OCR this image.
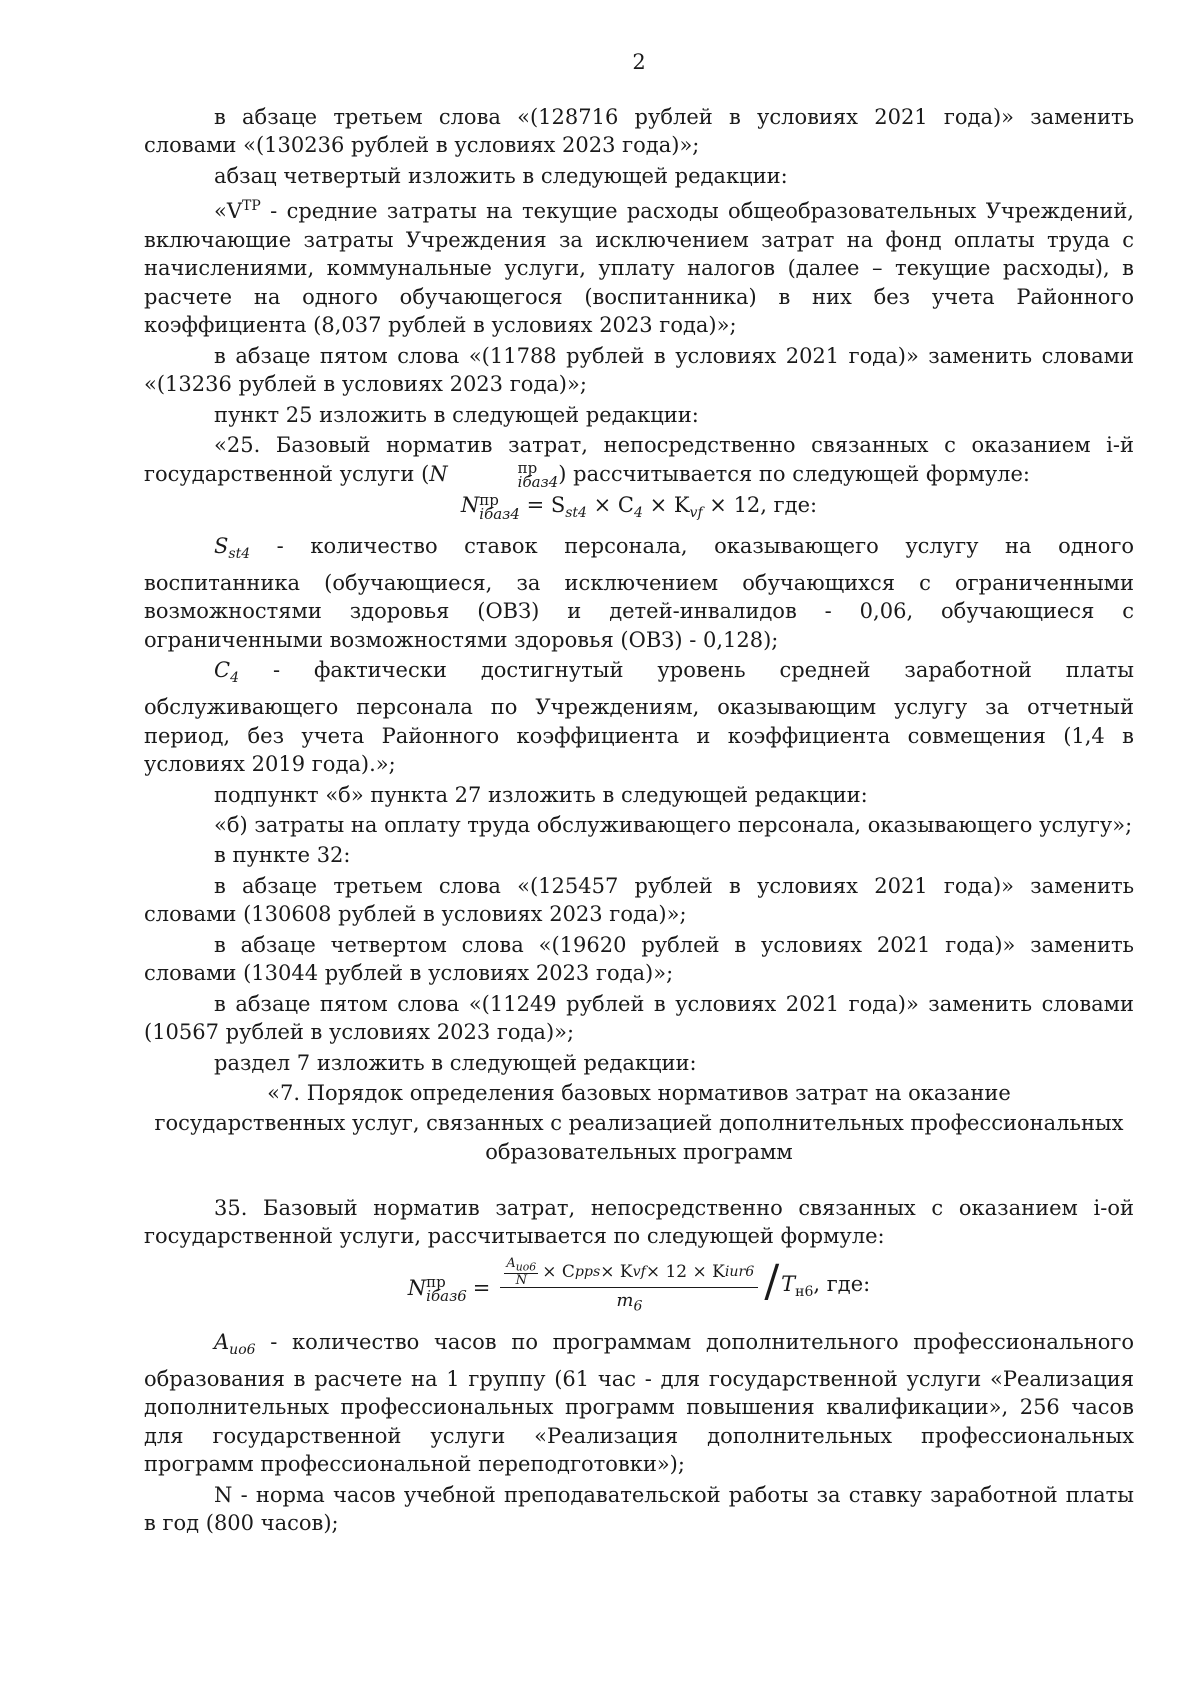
2

в абзаце третьем слова «(128716 рублей в условиях 2021 года)» заменить словами «(130236 рублей в условиях 2023 года)»;

абзац четвертый изложить в следующей редакции:

«$V^{ТР}$ - средние затраты на текущие расходы общеобразовательных Учреждений, включающие затраты Учреждения за исключением затрат на фонд оплаты труда с начислениями, коммунальные услуги, уплату налогов (далее – текущие расходы), в расчете на одного обучающегося (воспитанника) в них без учета Районного коэффициента (8,037 рублей в условиях 2023 года)»;

в абзаце пятом слова «(11788 рублей в условиях 2021 года)» заменить словами «(13236 рублей в условиях 2023 года)»;

пункт 25 изложить в следующей редакции:

«25. Базовый норматив затрат, непосредственно связанных с оказанием i-й государственной услуги (N	пр
iбаз4 ) рассчитывается по следующей формуле:

N пр
iбаз4 = $S_{st4} \times C_4 \times K_{vf} \times 12$, где:

$S_{st4}$ - количество ставок персонала, оказывающего услугу на одного воспитанника (обучающиеся, за исключением обучающихся с ограниченными возможностями здоровья (ОВЗ) и детей-инвалидов - 0,06, обучающиеся с ограниченными возможностями здоровья (ОВЗ) - 0,128);

$C_4$ - фактически достигнутый уровень средней заработной платы обслуживающего персонала по Учреждениям, оказывающим услугу за отчетный период, без учета Районного коэффициента и коэффициента совмещения (1,4 в условиях 2019 года).»;

подпункт «б» пункта 27 изложить в следующей редакции:

«б) затраты на оплату труда обслуживающего персонала, оказывающего услугу»;

в пункте 32:

в абзаце третьем слова «(125457 рублей в условиях 2021 года)» заменить словами (130608 рублей в условиях 2023 года)»;

в абзаце четвертом слова «(19620 рублей в условиях 2021 года)» заменить словами (13044 рублей в условиях 2023 года)»;

в абзаце пятом слова «(11249 рублей в условиях 2021 года)» заменить словами (10567 рублей в условиях 2023 года)»;

раздел 7 изложить в следующей редакции:

«7. Порядок определения базовых нормативов затрат на оказание

государственных услуг, связанных с реализацией дополнительных профессиональных

образовательных программ

35. Базовый норматив затрат, непосредственно связанных с оказанием i-ой государственной услуги, рассчитывается по следующей формуле:

N пр
iбаз6 = $\frac{\frac{A_{uo6}}{N} \times C pps \times K vf \times 12 \times K iur6}{m_6} / T_{н6}$, где:

$A_{uo6}$ - количество часов по программам дополнительного профессионального образования в расчете на 1 группу (61 час - для государственной услуги «Реализация дополнительных профессиональных программ повышения квалификации», 256 часов для государственной услуги «Реализация дополнительных профессиональных программ профессиональной переподготовки»);

N - норма часов учебной преподавательской работы за ставку заработной платы в год (800 часов);
